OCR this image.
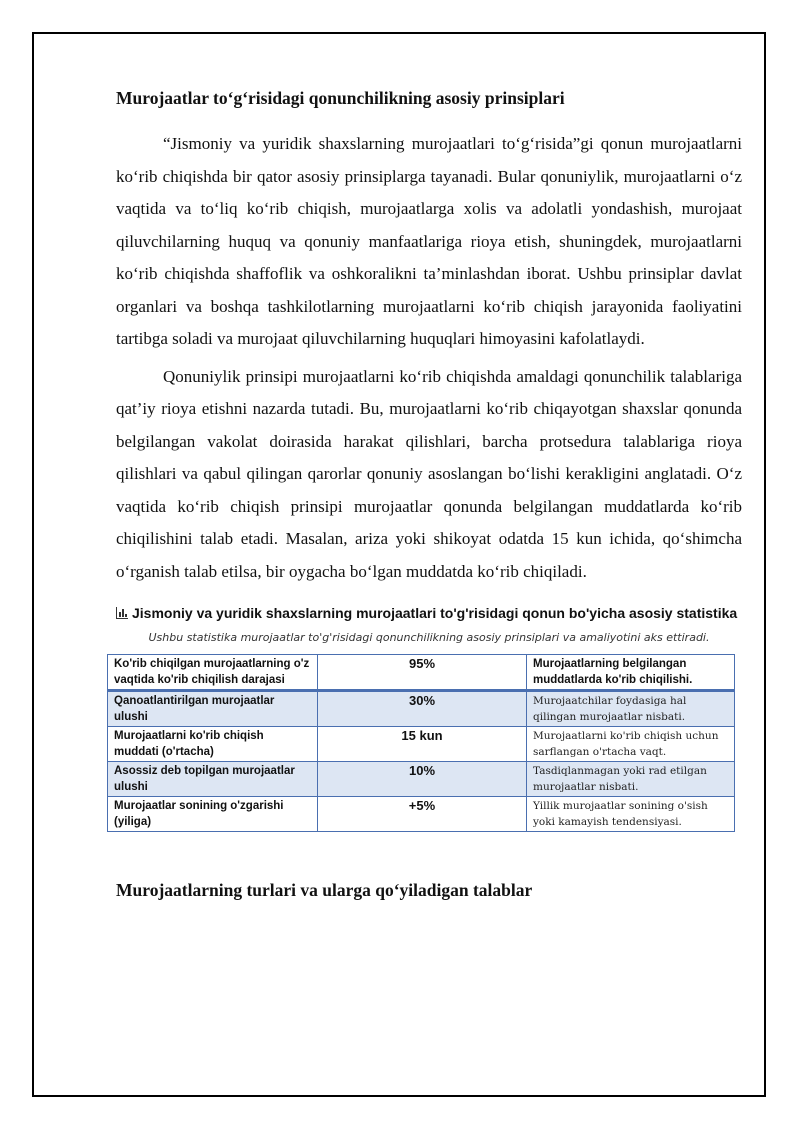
Murojaatlar to‘g‘risidagi qonunchilikning asosiy prinsiplari

“Jismoniy va yuridik shaxslarning murojaatlari to‘g‘risida”gi qonun murojaatlarni ko‘rib chiqishda bir qator asosiy prinsiplarga tayanadi. Bular qonuniylik, murojaatlarni o‘z vaqtida va to‘liq ko‘rib chiqish, murojaatlarga xolis va adolatli yondashish, murojaat qiluvchilarning huquq va qonuniy manfaatlariga rioya etish, shuningdek, murojaatlarni ko‘rib chiqishda shaffoflik va oshkoralikni ta’minlashdan iborat. Ushbu prinsiplar davlat organlari va boshqa tashkilotlarning murojaatlarni ko‘rib chiqish jarayonida faoliyatini tartibga soladi va murojaat qiluvchilarning huquqlari himoyasini kafolatlaydi.

Qonuniylik prinsipi murojaatlarni ko‘rib chiqishda amaldagi qonunchilik talablariga qat’iy rioya etishni nazarda tutadi. Bu, murojaatlarni ko‘rib chiqayotgan shaxslar qonunda belgilangan vakolat doirasida harakat qilishlari, barcha protsedura talablariga rioya qilishlari va qabul qilingan qarorlar qonuniy asoslangan bo‘lishi kerakligini anglatadi. O‘z vaqtida ko‘rib chiqish prinsipi murojaatlar qonunda belgilangan muddatlarda ko‘rib chiqilishini talab etadi. Masalan, ariza yoki shikoyat odatda 15 kun ichida, qo‘shimcha o‘rganish talab etilsa, bir oygacha bo‘lgan muddatda ko‘rib chiqiladi.

Jismoniy va yuridik shaxslarning murojaatlari to'g'risidagi qonun bo'yicha asosiy statistika
Ushbu statistika murojaatlar to'g'risidagi qonunchilikning asosiy prinsiplari va amaliyotini aks ettiradi.
Ko'rib chiqilgan murojaatlarning o'z vaqtida ko'rib chiqilish darajasi	95%	Murojaatlarning belgilangan muddatlarda ko'rib chiqilishi.
Qanoatlantirilgan murojaatlar ulushi	30%	Murojaatchilar foydasiga hal qilingan murojaatlar nisbati.
Murojaatlarni ko'rib chiqish muddati (o'rtacha)	15 kun	Murojaatlarni ko'rib chiqish uchun sarflangan o'rtacha vaqt.
Asossiz deb topilgan murojaatlar ulushi	10%	Tasdiqlanmagan yoki rad etilgan murojaatlar nisbati.
Murojaatlar sonining o'zgarishi (yiliga)	+5%	Yillik murojaatlar sonining o'sish yoki kamayish tendensiyasi.
Murojaatlarning turlari va ularga qo‘yiladigan talablar
